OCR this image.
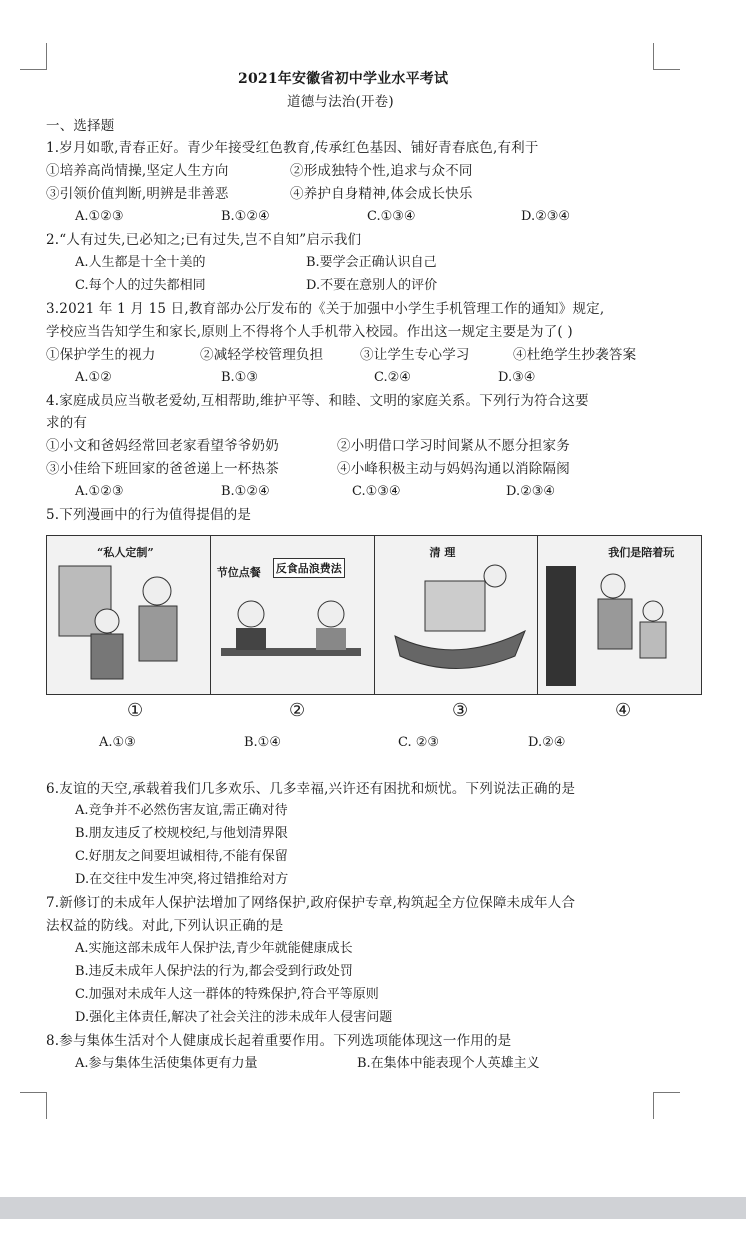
2021年安徽省初中学业水平考试
道德与法治(开卷)
一、选择题
1.岁月如歌,青春正好。青少年接受红色教育,传承红色基因、铺好青春底色,有利于
①培养高尚情操,坚定人生方向	②形成独特个性,追求与众不同
③引领价值判断,明辨是非善恶	④养护自身精神,体会成长快乐
A.①②③	B.①②④	C.①③④	D.②③④
2.“人有过失,已必知之;已有过失,岂不自知”启示我们
A.人生都是十全十美的	B.要学会正确认识自己
C.每个人的过失都相同	D.不要在意别人的评价
3.2021 年 1 月 15 日,教育部办公厅发布的《关于加强中小学生手机管理工作的通知》规定,
学校应当告知学生和家长,原则上不得将个人手机带入校园。作出这一规定主要是为了( )
①保护学生的视力	②减轻学校管理负担	③让学生专心学习	④杜绝学生抄袭答案
A.①②	B.①③	C.②④	D.③④
4.家庭成员应当敬老爱幼,互相帮助,维护平等、和睦、文明的家庭关系。下列行为符合这要
求的有
①小文和爸妈经常回老家看望爷爷奶奶	②小明借口学习时间紧从不愿分担家务
③小佳给下班回家的爸爸递上一杯热茶	④小峰积极主动与妈妈沟通以消除隔阂
A.①②③	B.①②④	C.①③④	D.②③④
5.下列漫画中的行为值得提倡的是
“私人定制”
节位点餐 反食品浪费法
清 理	我们是陪着玩
①	②	③	④
A.①③	B.①④	C. ②③	D.②④
6.友谊的天空,承载着我们几多欢乐、几多幸福,兴许还有困扰和烦忧。下列说法正确的是
A.竞争并不必然伤害友谊,需正确对待
B.朋友违反了校规校纪,与他划清界限
C.好朋友之间要坦诚相待,不能有保留
D.在交往中发生冲突,将过错推给对方
7.新修订的未成年人保护法增加了网络保护,政府保护专章,构筑起全方位保障未成年人合
法权益的防线。对此,下列认识正确的是
A.实施这部未成年人保护法,青少年就能健康成长
B.违反未成年人保护法的行为,都会受到行政处罚
C.加强对未成年人这一群体的特殊保护,符合平等原则
D.强化主体责任,解决了社会关注的涉未成年人侵害问题
8.参与集体生活对个人健康成长起着重要作用。下列选项能体现这一作用的是
A.参与集体生活使集体更有力量	B.在集体中能表现个人英雄主义
